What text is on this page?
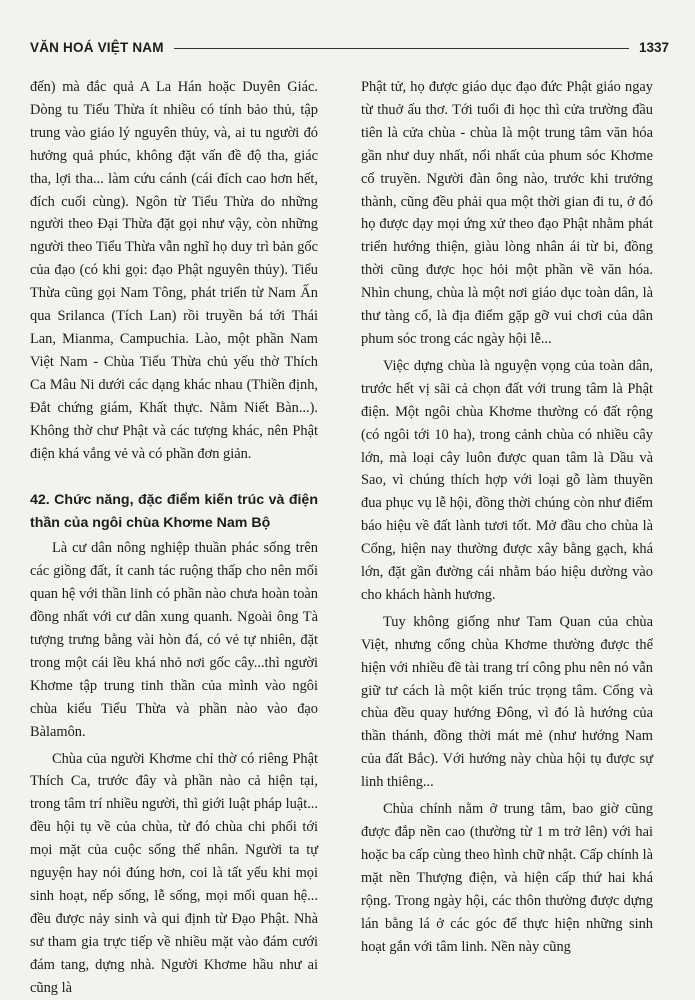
VĂN HOÁ VIỆT NAM	1337

đến) mà đắc quả A La Hán hoặc Duyên Giác. Dòng tu Tiểu Thừa ít nhiều có tính bảo thủ, tập trung vào giáo lý nguyên thủy, và, ai tu người đó hưởng quả phúc, không đặt vấn đề độ tha, giác tha, lợi tha... làm cứu cánh (cái đích cao hơn hết, đích cuối cùng). Ngôn từ Tiểu Thừa do những người theo Đại Thừa đặt gọi như vậy, còn những người theo Tiểu Thừa vẫn nghĩ họ duy trì bản gốc của đạo (có khi gọi: đạo Phật nguyên thủy). Tiểu Thừa cũng gọi Nam Tông, phát triển từ Nam Ấn qua Srilanca (Tích Lan) rồi truyền bá tới Thái Lan, Mianma, Campuchia. Lào, một phần Nam Việt Nam - Chùa Tiểu Thừa chủ yếu thờ Thích Ca Mâu Ni dưới các dạng khác nhau (Thiền định, Đắt chứng giám, Khất thực. Nằm Niết Bàn...). Không thờ chư Phật và các tượng khác, nên Phật điện khá vắng vẻ và có phần đơn giản.

42. Chức năng, đặc điểm kiến trúc và điện thần của ngôi chùa Khơme Nam Bộ

Là cư dân nông nghiệp thuần phác sống trên các giồng đất, ít canh tác ruộng thấp cho nên mối quan hệ với thần linh có phần nào chưa hoàn toàn đồng nhất với cư dân xung quanh. Ngoài ông Tà tượng trưng bằng vài hòn đá, có vẻ tự nhiên, đặt trong một cái lều khá nhỏ nơi gốc cây...thì người Khơme tập trung tinh thần của mình vào ngôi chùa kiểu Tiểu Thừa và phần nào vào đạo Bàlamôn.

Chùa của người Khơme chỉ thờ có riêng Phật Thích Ca, trước đây và phần nào cả hiện tại, trong tâm trí nhiều người, thì giới luật pháp luật... đều hội tụ về của chùa, từ đó chùa chi phối tới mọi mặt của cuộc sống thế nhân. Người ta tự nguyện hay nói đúng hơn, coi là tất yếu khi mọi sinh hoạt, nếp sống, lễ sống, mọi mối quan hệ... đều được nảy sinh và qui định từ Đạo Phật. Nhà sư tham gia trực tiếp về nhiều mặt vào đám cưới đám tang, dựng nhà. Người Khơme hầu như ai cũng là

Phật tử, họ được giáo dục đạo đức Phật giáo ngay từ thuở ấu thơ. Tới tuổi đi học thì cửa trường đầu tiên là cửa chùa - chùa là một trung tâm văn hóa gần như duy nhất, nổi nhất của phum sóc Khơme cổ truyền. Người đàn ông nào, trước khi trưởng thành, cũng đều phải qua một thời gian đi tu, ở đó họ được dạy mọi ứng xử theo đạo Phật nhằm phát triển hướng thiện, giàu lòng nhân ái từ bi, đồng thời cũng được học hỏi một phần về văn hóa. Nhìn chung, chùa là một nơi giáo dục toàn dân, là thư tàng cổ, là địa điểm gặp gỡ vui chơi của dân phum sóc trong các ngày hội lễ...

Việc dựng chùa là nguyện vọng của toàn dân, trước hết vị sãi cả chọn đất với trung tâm là Phật điện. Một ngôi chùa Khơme thường có đất rộng (có ngôi tới 10 ha), trong cảnh chùa có nhiều cây lớn, mà loại cây luôn được quan tâm là Dầu và Sao, vì chúng thích hợp với loại gỗ làm thuyền đua phục vụ lễ hội, đồng thời chúng còn như điểm báo hiệu về đất lành tươi tốt. Mở đầu cho chùa là Cổng, hiện nay thường được xây bằng gạch, khá lớn, đặt gần đường cái nhằm báo hiệu dường vào cho khách hành hương.

Tuy không giống như Tam Quan của chùa Việt, nhưng cổng chùa Khơme thường được thể hiện với nhiều đề tài trang trí công phu nên nó vẫn giữ tư cách là một kiến trúc trọng tâm. Cổng và chùa đều quay hướng Đông, vì đó là hướng của thần thánh, đồng thời mát mẻ (như hướng Nam của đất Bắc). Với hướng này chùa hội tụ được sự linh thiêng...

Chùa chính nằm ở trung tâm, bao giờ cũng được đắp nền cao (thường từ 1 m trở lên) với hai hoặc ba cấp cùng theo hình chữ nhật. Cấp chính là mặt nền Thượng điện, và hiện cấp thứ hai khá rộng. Trong ngày hội, các thôn thường được dựng lán bằng lá ở các góc để thực hiện những sinh hoạt gắn với tâm linh. Nền này cũng
